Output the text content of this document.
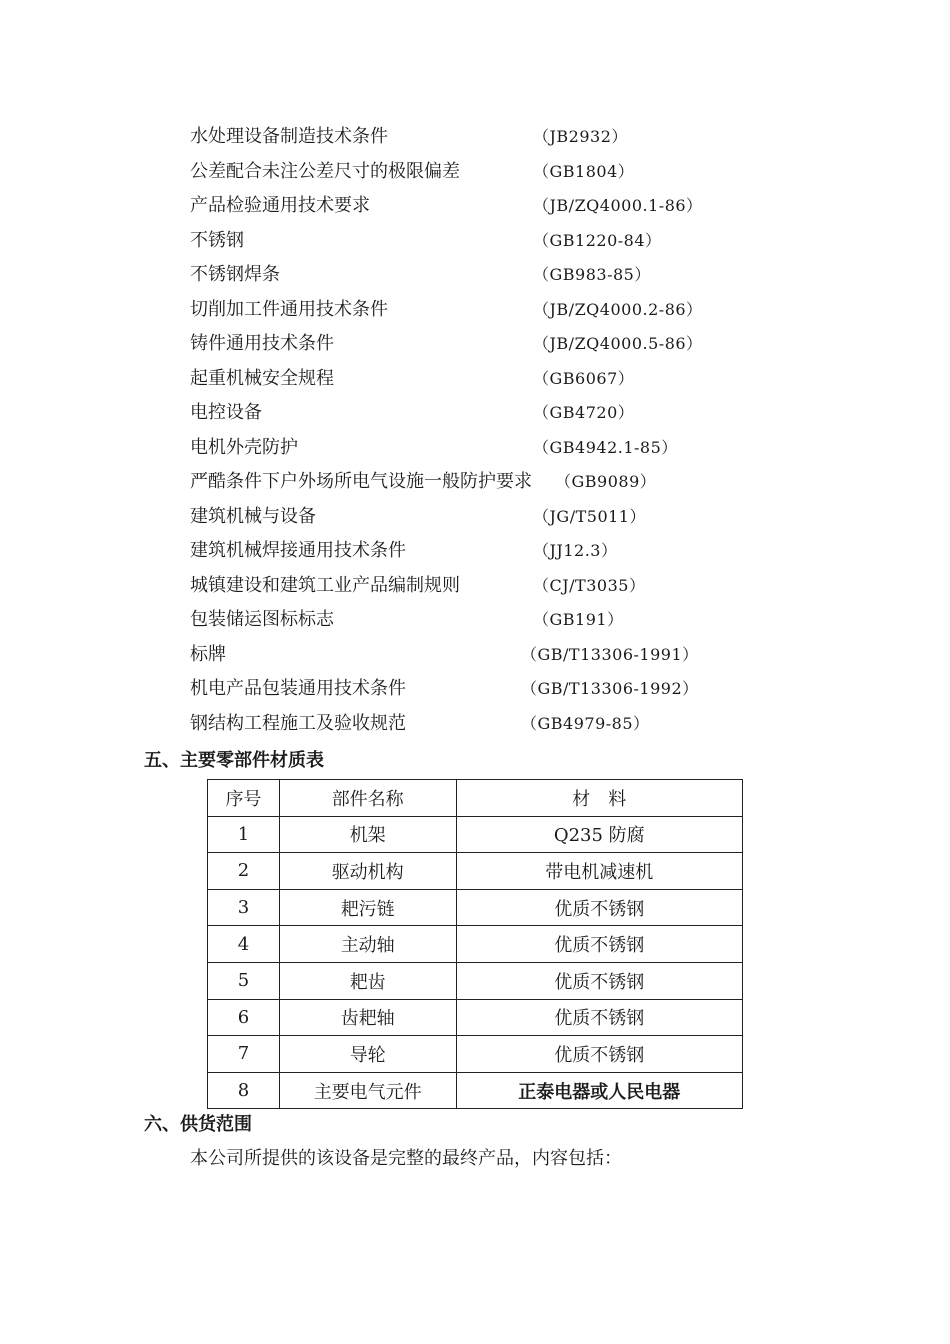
水处理设备制造技术条件	（JB2932）
公差配合未注公差尺寸的极限偏差	（GB1804）
产品检验通用技术要求	（JB/ZQ4000.1-86）
不锈钢	（GB1220-84）
不锈钢焊条	（GB983-85）
切削加工件通用技术条件	（JB/ZQ4000.2-86）
铸件通用技术条件	（JB/ZQ4000.5-86）
起重机械安全规程	（GB6067）
电控设备	（GB4720）
电机外壳防护	（GB4942.1-85）
严酷条件下户外场所电气设施一般防护要求 （GB9089）
建筑机械与设备	（JG/T5011）
建筑机械焊接通用技术条件	（JJ12.3）
城镇建设和建筑工业产品编制规则	（CJ/T3035）
包装储运图标标志	（GB191）
标牌	（GB/T13306-1991）
机电产品包装通用技术条件	（GB/T13306-1992）
钢结构工程施工及验收规范	（GB4979-85）
五、主要零部件材质表
序号	部件名称	材　料
1	机架	Q235 防腐
2	驱动机构	带电机减速机
3	耙污链	优质不锈钢
4	主动轴	优质不锈钢
5	耙齿	优质不锈钢
6	齿耙轴	优质不锈钢
7	导轮	优质不锈钢
8	主要电气元件	正泰电器或人民电器
六、供货范围
本公司所提供的该设备是完整的最终产品，内容包括：
